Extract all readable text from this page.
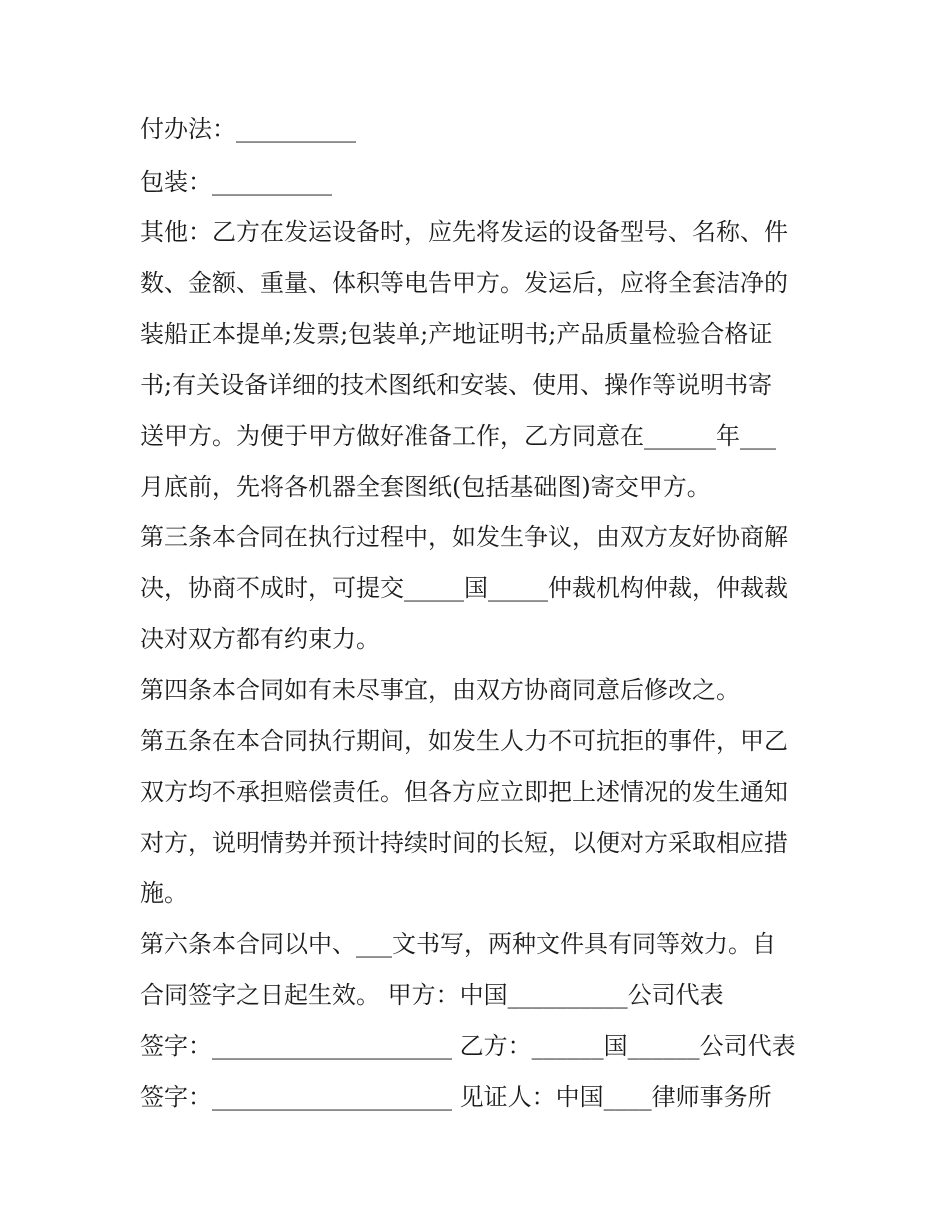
付办法：__________
包装：__________
其他：乙方在发运设备时，应先将发运的设备型号、名称、件
数、金额、重量、体积等电告甲方。发运后，应将全套洁净的
装船正本提单;发票;包装单;产地证明书;产品质量检验合格证
书;有关设备详细的技术图纸和安装、使用、操作等说明书寄
送甲方。为便于甲方做好准备工作，乙方同意在______年___
月底前，先将各机器全套图纸(包括基础图)寄交甲方。
第三条本合同在执行过程中，如发生争议，由双方友好协商解
决，协商不成时，可提交_____国_____仲裁机构仲裁，仲裁裁
决对双方都有约束力。
第四条本合同如有未尽事宜，由双方协商同意后修改之。
第五条在本合同执行期间，如发生人力不可抗拒的事件，甲乙
双方均不承担赔偿责任。但各方应立即把上述情况的发生通知
对方，说明情势并预计持续时间的长短，以便对方采取相应措
施。
第六条本合同以中、___文书写，两种文件具有同等效力。自
合同签字之日起生效。 甲方：中国__________公司代表
签字：____________________ 乙方：______国______公司代表
签字：____________________ 见证人：中国____律师事务所
